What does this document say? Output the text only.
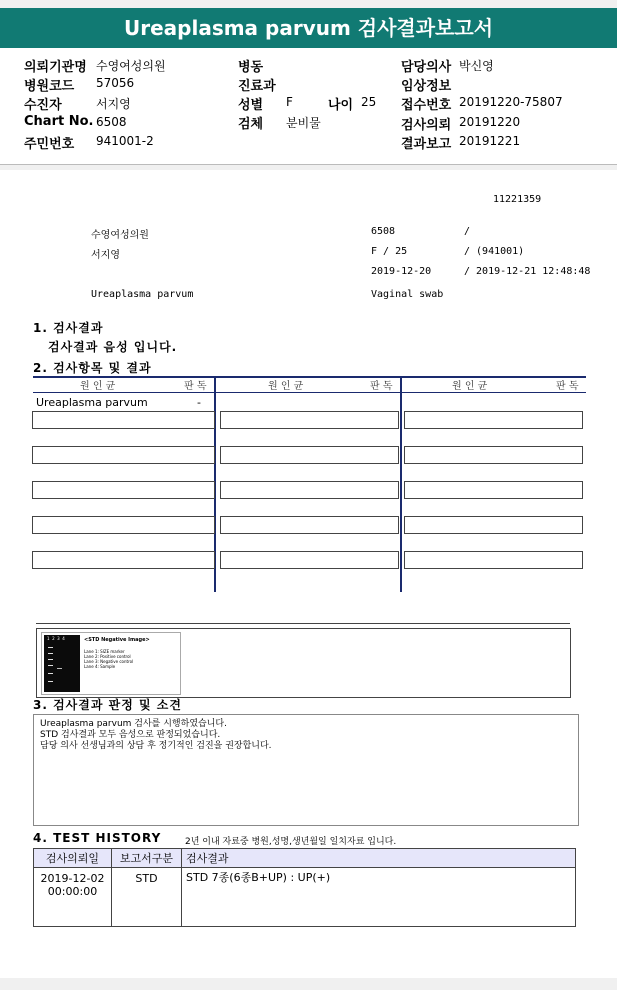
Ureaplasma parvum 검사결과보고서
의뢰기관명 수영여성의원
병원코드 57056
수진자	서지영
Chart No. 6508
주민번호 941001-2
병동
진료과
성별 F	나이 25
검체 분비물
담당의사 박신영
임상정보
접수번호 20191220-75807
검사의뢰 20191220
결과보고 20191221
11221359
수영여성의원	6508	/
서지영	F / 25	/ (941001)
2019-12-20	/ 2019-12-21 12:48:48
Ureaplasma parvum	Vaginal swab
1. 검사결과
검사결과 음성 입니다.
2. 검사항목 및 결과
원 인 균	판 독	원 인 균	판 독	원 인 균	판 독
Ureaplasma parvum	-
1  2  3  4	<STD Negative Image>
Lane 1: SIZE marker
Lane 2: Positive control
Lane 3: Negative control
Lane 4: Sample
3. 검사결과 판정 및 소견
Ureaplasma parvum 검사를 시행하였습니다.
STD 검사결과 모두 음성으로 판정되었습니다.
담당 의사 선생님과의 상담 후 정기적인 검진을 권장합니다.
4. TEST HISTORY	2년 이내 자료중 병원,성명,생년월일 일치자료 입니다.
검사의뢰일	보고서구분	검사결과

2019-12-02
00:00:00	STD	STD 7종(6종B+UP) : UP(+)
